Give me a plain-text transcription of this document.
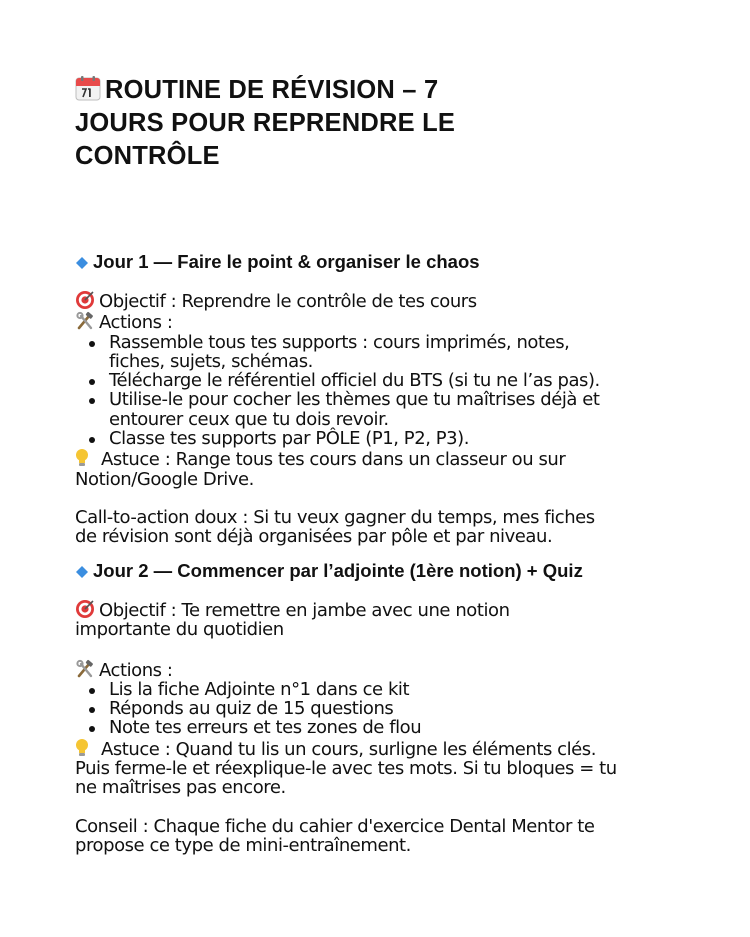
ROUTINE DE RÉVISION – 7
JOURS POUR REPRENDRE LE
CONTRÔLE
Jour 1 — Faire le point & organiser le chaos
Objectif : Reprendre le contrôle de tes cours
Actions :
Rassemble tous tes supports : cours imprimés, notes,
fiches, sujets, schémas.
Télécharge le référentiel officiel du BTS (si tu ne l’as pas).
Utilise-le pour cocher les thèmes que tu maîtrises déjà et
entourer ceux que tu dois revoir.
Classe tes supports par PÔLE (P1, P2, P3).
Astuce : Range tous tes cours dans un classeur ou sur
Notion/Google Drive.
Call-to-action doux : Si tu veux gagner du temps, mes fiches
de révision sont déjà organisées par pôle et par niveau.
Jour 2 — Commencer par l’adjointe (1ère notion) + Quiz
Objectif : Te remettre en jambe avec une notion
importante du quotidien
Actions :
Lis la fiche Adjointe n°1 dans ce kit
Réponds au quiz de 15 questions
Note tes erreurs et tes zones de flou
Astuce : Quand tu lis un cours, surligne les éléments clés.
Puis ferme-le et réexplique-le avec tes mots. Si tu bloques = tu
ne maîtrises pas encore.
Conseil : Chaque fiche du cahier d'exercice Dental Mentor te
propose ce type de mini-entraînement.
